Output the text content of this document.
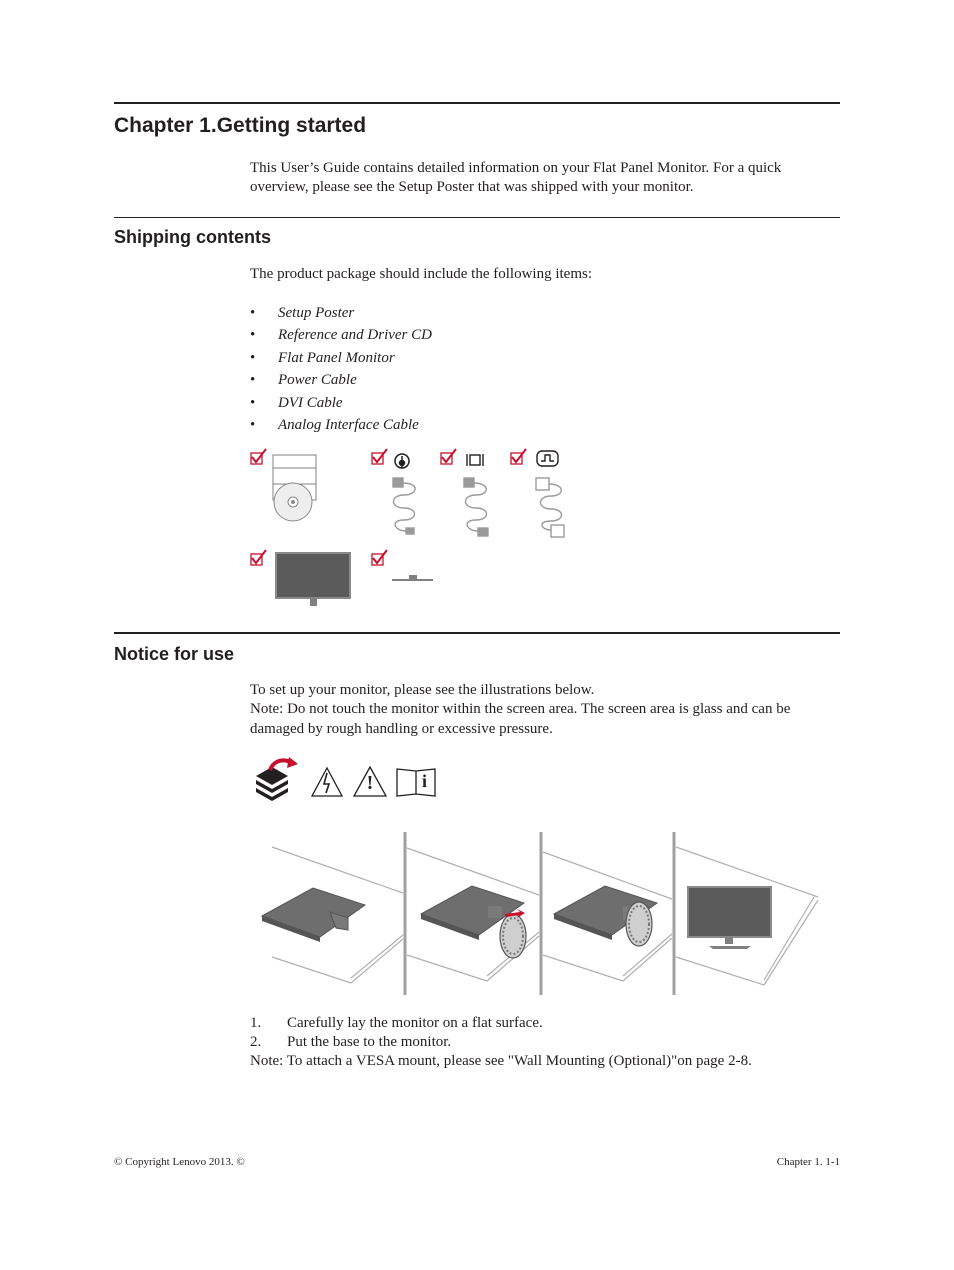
Chapter 1.Getting started
This User’s Guide contains detailed information on your Flat Panel Monitor. For a quick
overview, please see the Setup Poster that was shipped with your monitor.
Shipping contents
The product package should include the following items:
• Setup Poster
• Reference and Driver CD
• Flat Panel Monitor
• Power Cable
• DVI Cable
• Analog Interface Cable
Notice for use
To set up your monitor, please see the illustrations below.
Note: Do not touch the monitor within the screen area. The screen area is glass and can be
damaged by rough handling or excessive pressure.
!	i
1. Carefully lay the monitor on a flat surface.
2. Put the base to the monitor.
Note: To attach a VESA mount, please see "Wall Mounting (Optional)"on page 2-8.
© Copyright Lenovo 2013. ©	Chapter 1. 1-1
